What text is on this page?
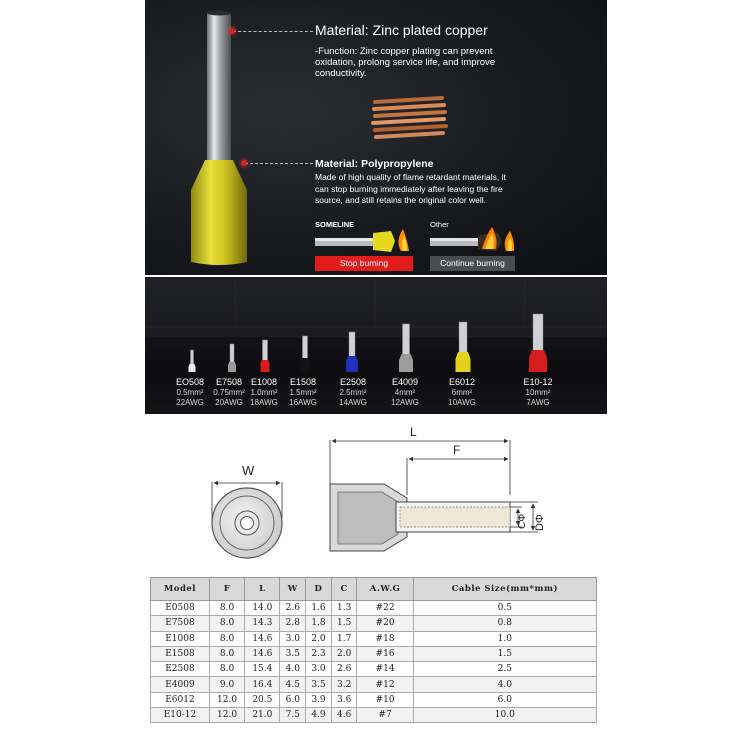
Material: Zinc plated copper
-Function: Zinc copper plating can prevent oxidation, prolong service life, and improve conductivity.
Material: Polypropylene
Made of high quality of flame retardant materials, it can stop burning immediately after leaving the fire source, and still retains the original color well.
SOMELINE	Other
Stop burning	Continue burning
EO508
0.5mm²
22AWG
E7508
0.75mm²
20AWG
E1008
1.0mm²
18AWG
E1508
1.5mm²
16AWG
E2508
2.5mm²
14AWG
E4009
4mm²
12AWG
E6012
6mm²
10AWG
E10-12
10mm²
7AWG
W
L
F
DΦ
CΦ
Model	F	L	W	D	C	A.W.G	Cable Size(mm*mm)
E0508	8.0	14.0	2.6	1.6	1.3	#22	0.5
E7508	8.0	14.3	2.8	1.8	1.5	#20	0.8
E1008	8.0	14.6	3.0	2.0	1.7	#18	1.0
E1508	8.0	14.6	3.5	2.3	2.0	#16	1.5
E2508	8.0	15.4	4.0	3.0	2.6	#14	2.5
E4009	9.0	16.4	4.5	3.5	3.2	#12	4.0
E6012	12.0	20.5	6.0	3.9	3.6	#10	6.0
E10-12	12.0	21.0	7.5	4.9	4.6	#7	10.0
